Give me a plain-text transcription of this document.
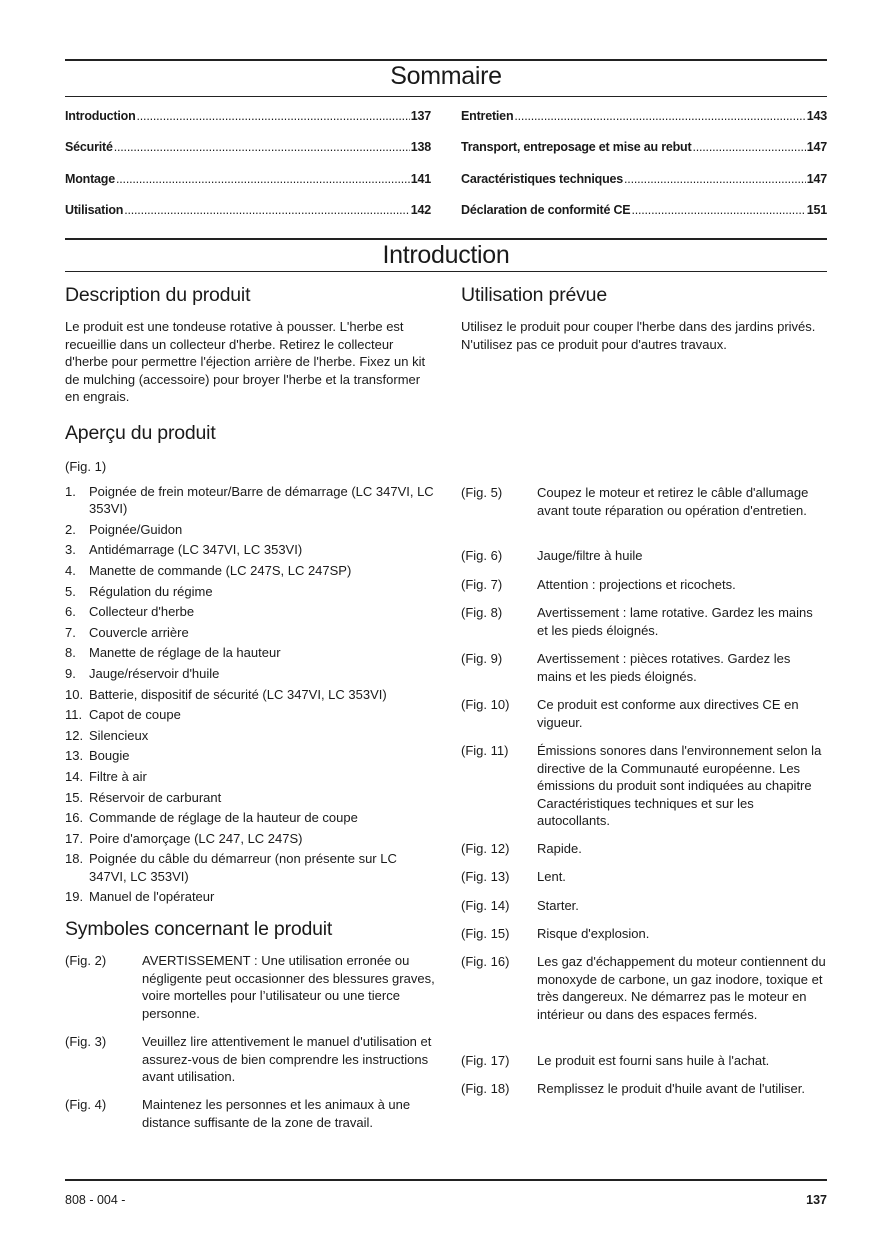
Sommaire
Introduction .....	137
Sécurité .....	138
Montage .....	141
Utilisation .....	142
Entretien .....	143
Transport, entreposage et mise au rebut .....	147
Caractéristiques techniques .....	147
Déclaration de conformité CE .....	151
Introduction
Description du produit
Le produit est une tondeuse rotative à pousser. L'herbe est recueillie dans un collecteur d'herbe. Retirez le collecteur d'herbe pour permettre l'éjection arrière de l'herbe. Fixez un kit de mulching (accessoire) pour broyer l'herbe et la transformer en engrais.
Utilisation prévue
Utilisez le produit pour couper l'herbe dans des jardins privés. N'utilisez pas ce produit pour d'autres travaux.
Aperçu du produit
(Fig. 1)
1.	Poignée de frein moteur/Barre de démarrage (LC 347VI, LC 353VI)
2.	Poignée/Guidon
3.	Antidémarrage (LC 347VI, LC 353VI)
4.	Manette de commande (LC 247S, LC 247SP)
5.	Régulation du régime
6.	Collecteur d'herbe
7.	Couvercle arrière
8.	Manette de réglage de la hauteur
9.	Jauge/réservoir d'huile
10. Batterie, dispositif de sécurité (LC 347VI, LC 353VI)
11. Capot de coupe
12. Silencieux
13. Bougie
14. Filtre à air
15. Réservoir de carburant
16. Commande de réglage de la hauteur de coupe
17. Poire d'amorçage (LC 247, LC 247S)
18. Poignée du câble du démarreur (non présente sur LC 347VI, LC 353VI)
19. Manuel de l'opérateur
Symboles concernant le produit
(Fig. 2)	AVERTISSEMENT : Une utilisation erronée ou négligente peut occasionner des blessures graves, voire mortelles pour l’utilisateur ou une tierce personne.
(Fig. 3)	Veuillez lire attentivement le manuel d'utilisation et assurez-vous de bien comprendre les instructions avant utilisation.
(Fig. 4)	Maintenez les personnes et les animaux à une distance suffisante de la zone de travail.
(Fig. 5)	Coupez le moteur et retirez le câble d'allumage avant toute réparation ou opération d'entretien.
(Fig. 6)	Jauge/filtre à huile
(Fig. 7)	Attention : projections et ricochets.
(Fig. 8)	Avertissement : lame rotative. Gardez les mains et les pieds éloignés.
(Fig. 9)	Avertissement : pièces rotatives. Gardez les mains et les pieds éloignés.
(Fig. 10)	Ce produit est conforme aux directives CE en vigueur.
(Fig. 11)	Émissions sonores dans l'environnement selon la directive de la Communauté européenne. Les émissions du produit sont indiquées au chapitre Caractéristiques techniques et sur les autocollants.
(Fig. 12)	Rapide.
(Fig. 13)	Lent.
(Fig. 14)	Starter.
(Fig. 15)	Risque d'explosion.
(Fig. 16)	Les gaz d'échappement du moteur contiennent du monoxyde de carbone, un gaz inodore, toxique et très dangereux. Ne démarrez pas le moteur en intérieur ou dans des espaces fermés.
(Fig. 17)	Le produit est fourni sans huile à l'achat.
(Fig. 18)	Remplissez le produit d'huile avant de l'utiliser.
808 - 004 -	137
